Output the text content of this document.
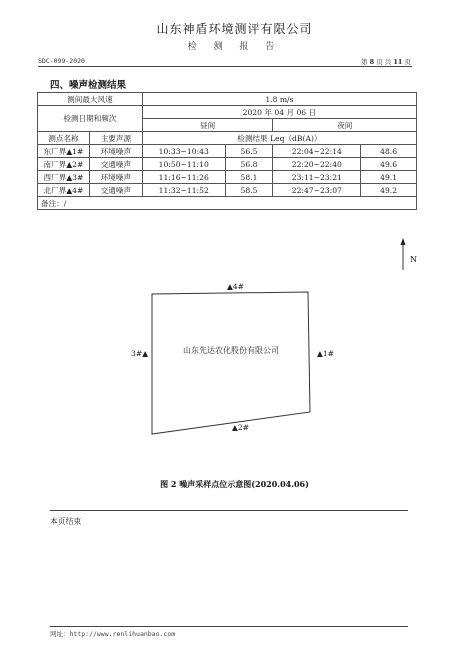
山东神盾环境测评有限公司
检 测 报 告
SDC-099-2020	第 8 页 共 11 页
四、噪声检测结果
测间最大风速		1.8 m/s			
检测日期和频次		2020 年 04 月 06 日			
		昼间		夜间	
测点名称	主要声源	检测结果 Leq（dB(A)）			
东厂界▲1#	环境噪声	10:33~10:43	56.5	22:04~22:14	48.6
南厂界▲2#	交通噪声	10:50~11:10	56.8	22:20~22:40	49.6
西厂界▲3#	环境噪声	11:16~11:26	58.1	23:11~23:21	49.1
北厂界▲4#	交通噪声	11:32~11:52	58.5	22:47~23:07	49.2
备注：/					
N
山东先达农化股份有限公司
▲4#
▲1#
3#▲
▲2#
图 2 噪声采样点位示意图(2020.04.06)
本页结束
网址：http://www.renlihuanbao.com
